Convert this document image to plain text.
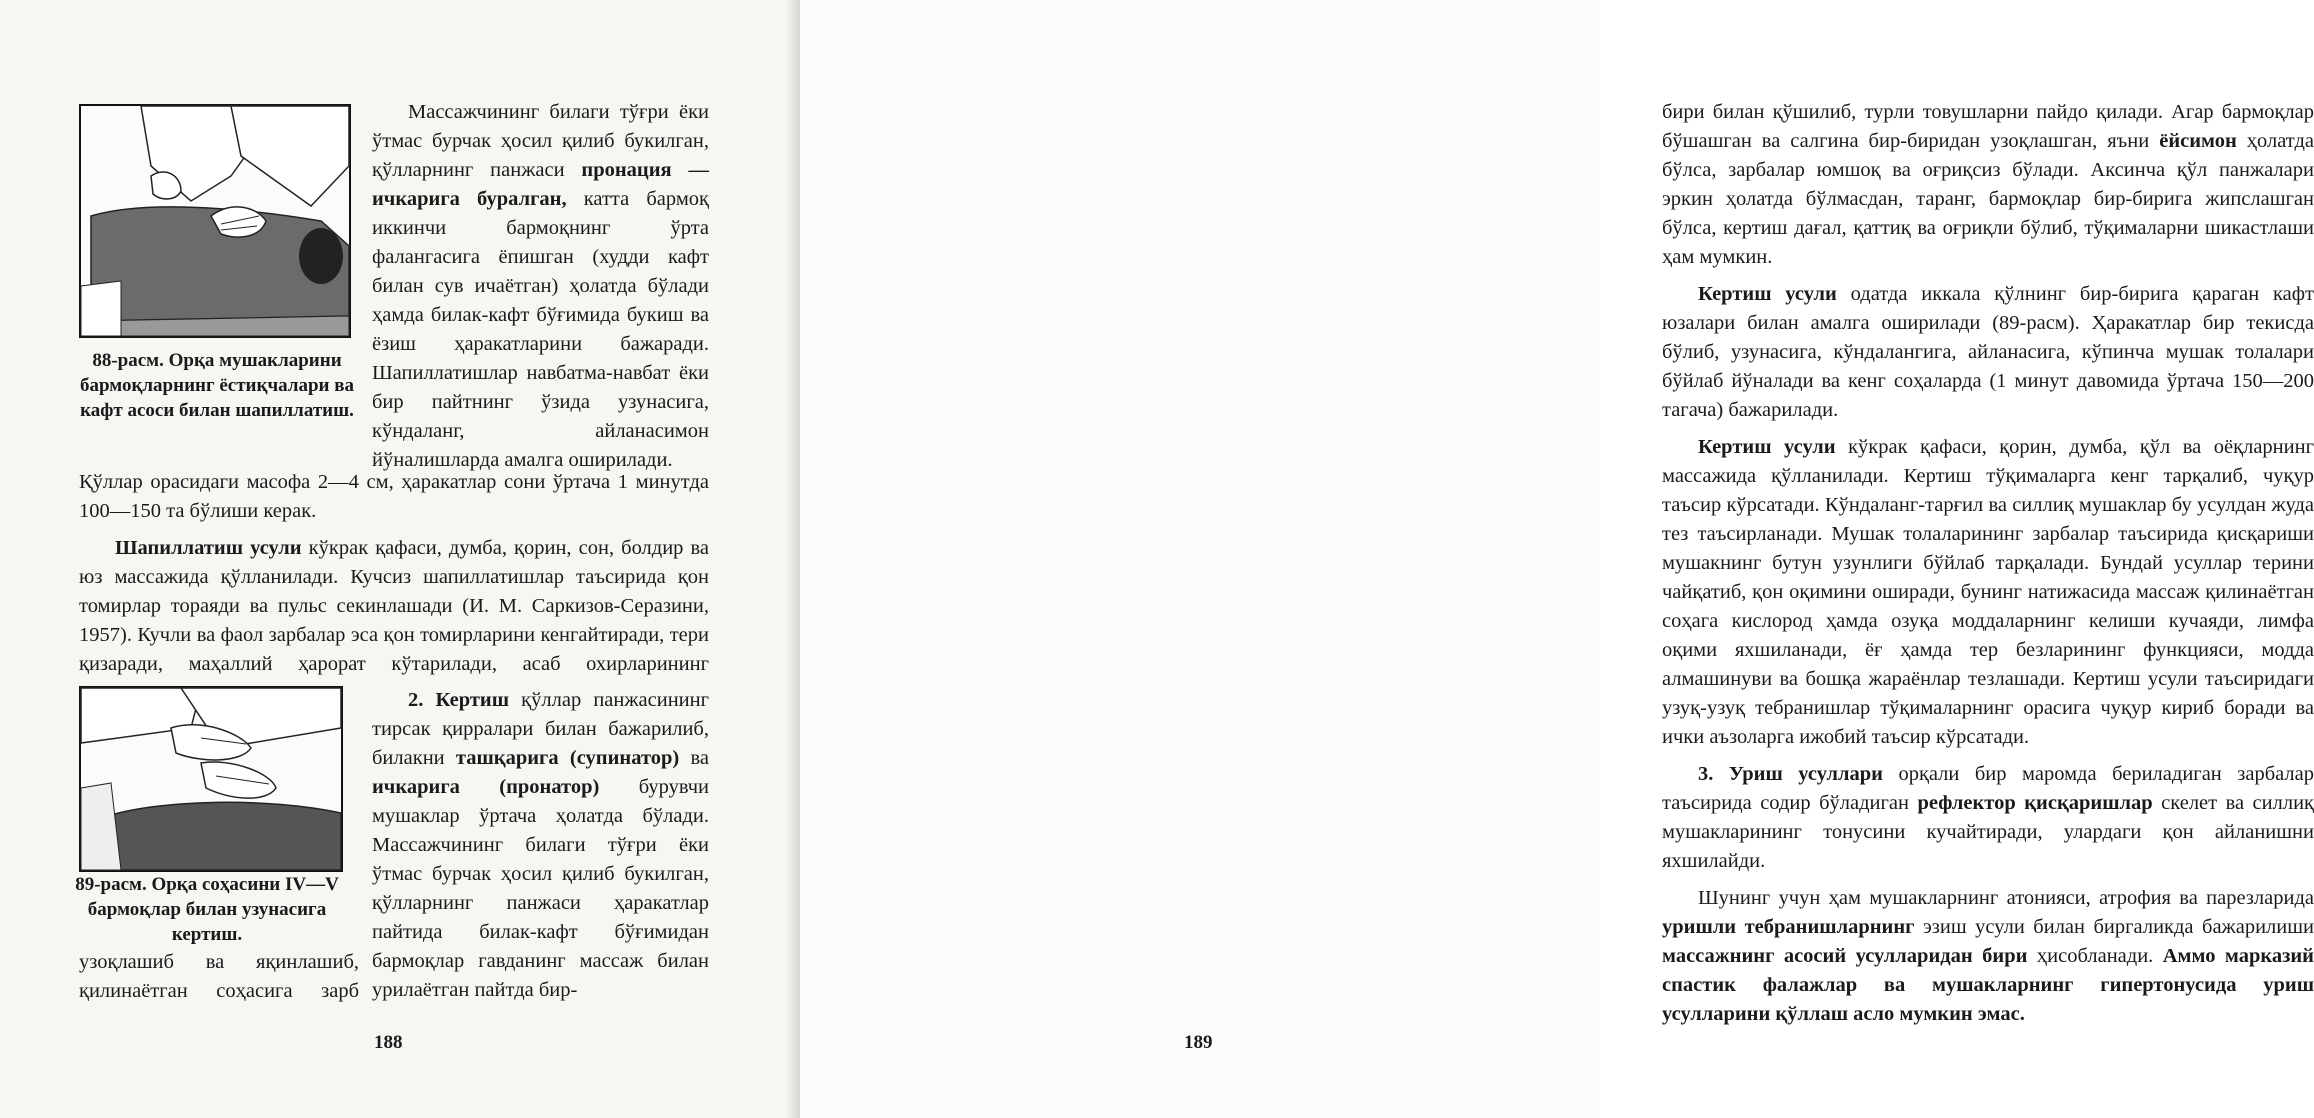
88-расм. Орқа мушакларини бармоқларнинг ёстиқчалари ва кафт асоси билан шапиллатиш.

Массажчининг билаги тўғри ёки ўтмас бурчак ҳосил қилиб букилган, қўлларнинг панжаси пронация — ичкарига буралган, катта бармоқ иккинчи бармоқнинг ўрта фалангасига ёпишган (худди кафт билан сув ичаётган) ҳолатда бўлади ҳамда билак-кафт бўғимида букиш ва ёзиш ҳаракатларини бажаради. Шапиллатишлар навбатма-навбат ёки бир пайтнинг ўзида узунасига, кўндаланг, айланасимон йўналишларда амалга оширилади.

Қўллар орасидаги масофа 2—4 см, ҳаракатлар сони ўртача 1 минутда 100—150 та бўлиши керак.

Шапиллатиш усули кўкрак қафаси, думба, қорин, сон, болдир ва юз массажида қўлланилади. Кучсиз шапиллатишлар таъсирида қон томирлар тораяди ва пульс секинлашади (И. М. Саркизов-Серазини, 1957). Кучли ва фаол зарбалар эса қон томирларини кенгайтиради, тери қизаради, маҳаллий ҳарорат кўтарилади, асаб охирларининг

89-расм. Орқа соҳасини IV—V бармоқлар билан узунасига кертиш.

2. Кертиш қўллар панжасининг тирсак қирралари билан бажарилиб, билакни ташқарига (супинатор) ва ичкарига (пронатор) бурувчи мушаклар ўртача ҳолатда бўлади. Массажчининг билаги тўғри ёки ўтмас бурчак ҳосил қилиб букилган, қўлларнинг панжаси ҳаракатлар пайтида билак-кафт бўғимидан бармоқлар гавданинг массаж билан урилаётган пайтда бир-

узоқлашиб ва яқинлашиб, қилинаётган соҳасига зарб
188

бири билан қўшилиб, турли товушларни пайдо қилади. Агар бармоқлар бўшашган ва салгина бир-биридан узоқлашган, яъни ёйсимон ҳолатда бўлса, зарбалар юмшоқ ва оғриқсиз бўлади. Аксинча қўл панжалари эркин ҳолатда бўлмасдан, таранг, бармоқлар бир-бирига жипслашган бўлса, кертиш дағал, қаттиқ ва оғриқли бўлиб, тўқималарни шикастлаши ҳам мумкин.

Кертиш усули одатда иккала қўлнинг бир-бирига қараган кафт юзалари билан амалга оширилади (89-расм). Ҳаракатлар бир текисда бўлиб, узунасига, кўндалангига, айланасига, кўпинча мушак толалари бўйлаб йўналади ва кенг соҳаларда (1 минут давомида ўртача 150—200 тагача) бажарилади.

Кертиш усули кўкрак қафаси, қорин, думба, қўл ва оёқларнинг массажида қўлланилади. Кертиш тўқималарга кенг тарқалиб, чуқур таъсир кўрсатади. Кўндаланг-тарғил ва силлиқ мушаклар бу усулдан жуда тез таъсирланади. Мушак толаларининг зарбалар таъсирида қисқариши мушакнинг бутун узунлиги бўйлаб тарқалади. Бундай усуллар терини чайқатиб, қон оқимини оширади, бунинг натижасида массаж қилинаётган соҳага кислород ҳамда озуқа моддаларнинг келиши кучаяди, лимфа оқими яхшиланади, ёғ ҳамда тер безларининг функцияси, модда алмашинуви ва бошқа жараёнлар тезлашади. Кертиш усули таъсиридаги узуқ-узуқ тебранишлар тўқималарнинг орасига чуқур кириб боради ва ички аъзоларга ижобий таъсир кўрсатади.

3. Уриш усуллари орқали бир маромда бериладиган зарбалар таъсирида содир бўладиган рефлектор қисқаришлар скелет ва силлиқ мушакларининг тонусини кучайтиради, улардаги қон айланишни яхшилайди.

Шунинг учун ҳам мушакларнинг атонияси, атрофия ва парезларида уришли тебранишларнинг эзиш усули билан биргаликда бажарилиши массажнинг асосий усулларидан бири ҳисобланади. Аммо марказий спастик фалажлар ва мушакларнинг гипертонусида уриш усулларини қўллаш асло мумкин эмас.

189
